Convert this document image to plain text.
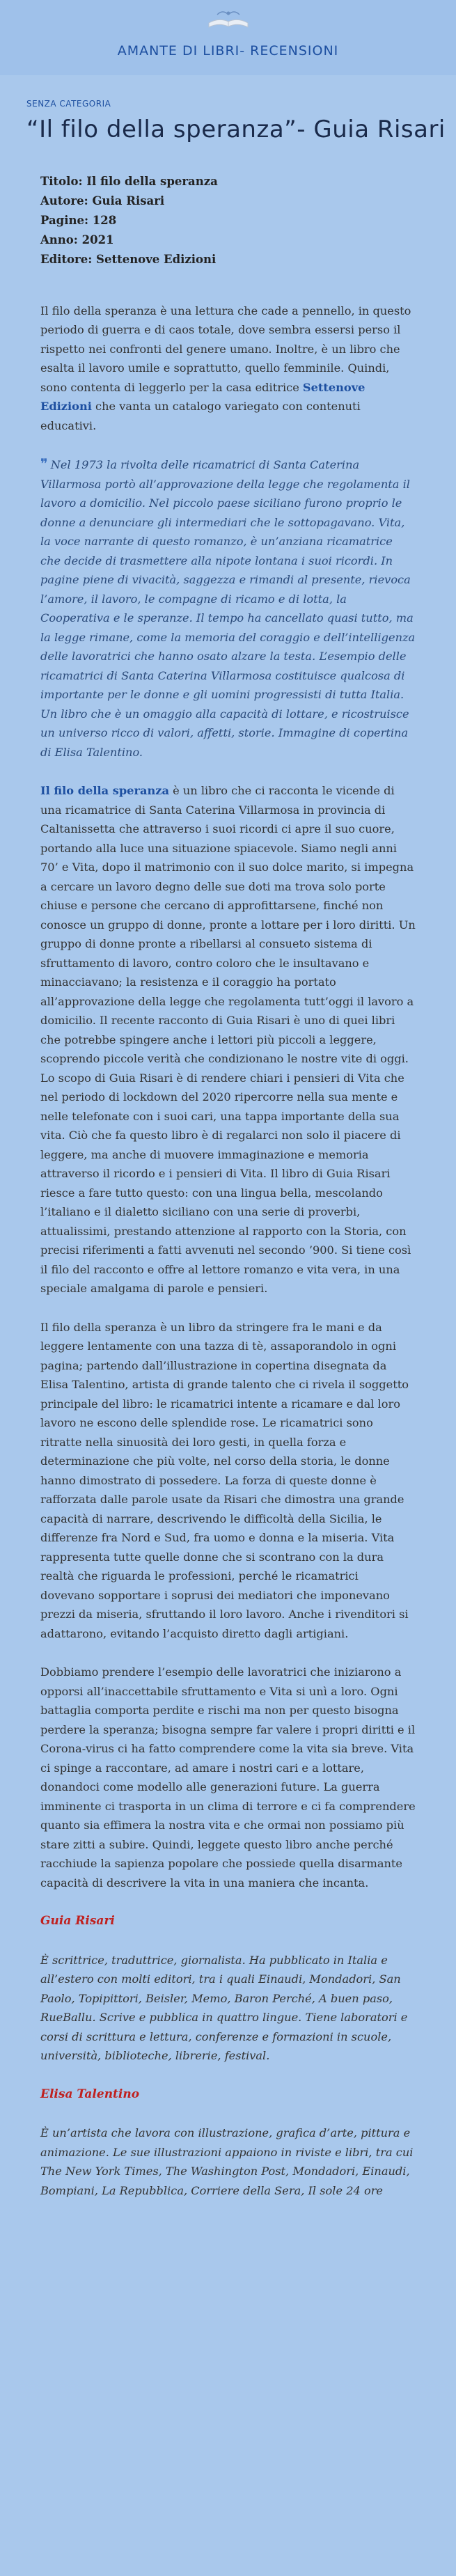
AMANTE DI LIBRI- RECENSIONI
SENZA CATEGORIA
“Il filo della speranza”- Guia Risari
Titolo: Il filo della speranza
Autore: Guia Risari
Pagine: 128
Anno: 2021
Editore: Settenove Edizioni

Il filo della speranza è una lettura che cade a pennello, in questo periodo di guerra e di caos totale, dove sembra essersi perso il rispetto nei confronti del genere umano. Inoltre, è un libro che esalta il lavoro umile e soprattutto, quello femminile. Quindi, sono contenta di leggerlo per la casa editrice Settenove Edizioni che vanta un catalogo variegato con contenuti educativi.

❞ Nel 1973 la rivolta delle ricamatrici di Santa Caterina Villarmosa portò all’approvazione della legge che regolamenta il lavoro a domicilio. Nel piccolo paese siciliano furono proprio le donne a denunciare gli intermediari che le sottopagavano. Vita, la voce narrante di questo romanzo, è un’anziana ricamatrice che decide di trasmettere alla nipote lontana i suoi ricordi. In pagine piene di vivacità, saggezza e rimandi al presente, rievoca l’amore, il lavoro, le compagne di ricamo e di lotta, la Cooperativa e le speranze. Il tempo ha cancellato quasi tutto, ma la legge rimane, come la memoria del coraggio e dell’intelligenza delle lavoratrici che hanno osato alzare la testa. L’esempio delle ricamatrici di Santa Caterina Villarmosa costituisce qualcosa di importante per le donne e gli uomini progressisti di tutta Italia. Un libro che è un omaggio alla capacità di lottare, e ricostruisce un universo ricco di valori, affetti, storie. Immagine di copertina di Elisa Talentino.

Il filo della speranza è un libro che ci racconta le vicende di una ricamatrice di Santa Caterina Villarmosa in provincia di Caltanissetta che attraverso i suoi ricordi ci apre il suo cuore, portando alla luce una situazione spiacevole. Siamo negli anni 70’ e Vita, dopo il matrimonio con il suo dolce marito, si impegna a cercare un lavoro degno delle sue doti ma trova solo porte chiuse e persone che cercano di approfittarsene, finché non conosce un gruppo di donne, pronte a lottare per i loro diritti. Un gruppo di donne pronte a ribellarsi al consueto sistema di sfruttamento di lavoro, contro coloro che le insultavano e minacciavano; la resistenza e il coraggio ha portato all’approvazione della legge che regolamenta tutt’oggi il lavoro a domicilio. Il recente racconto di Guia Risari è uno di quei libri che potrebbe spingere anche i lettori più piccoli a leggere, scoprendo piccole verità che condizionano le nostre vite di oggi. Lo scopo di Guia Risari è di rendere chiari i pensieri di Vita che nel periodo di lockdown del 2020 ripercorre nella sua mente e nelle telefonate con i suoi cari, una tappa importante della sua vita. Ciò che fa questo libro è di regalarci non solo il piacere di leggere, ma anche di muovere immaginazione e memoria attraverso il ricordo e i pensieri di Vita. Il libro di Guia Risari riesce a fare tutto questo: con una lingua bella, mescolando l’italiano e il dialetto siciliano con una serie di proverbi, attualissimi, prestando attenzione al rapporto con la Storia, con precisi riferimenti a fatti avvenuti nel secondo ’900. Si tiene così il filo del racconto e offre al lettore romanzo e vita vera, in una speciale amalgama di parole e pensieri.

Il filo della speranza è un libro da stringere fra le mani e da leggere lentamente con una tazza di tè, assaporandolo in ogni pagina; partendo dall’illustrazione in copertina disegnata da Elisa Talentino, artista di grande talento che ci rivela il soggetto principale del libro: le ricamatrici intente a ricamare e dal loro lavoro ne escono delle splendide rose. Le ricamatrici sono ritratte nella sinuosità dei loro gesti, in quella forza e determinazione che più volte, nel corso della storia, le donne hanno dimostrato di possedere. La forza di queste donne è rafforzata dalle parole usate da Risari che dimostra una grande capacità di narrare, descrivendo le difficoltà della Sicilia, le differenze fra Nord e Sud, fra uomo e donna e la miseria. Vita rappresenta tutte quelle donne che si scontrano con la dura realtà che riguarda le professioni, perché le ricamatrici dovevano sopportare i soprusi dei mediatori che imponevano prezzi da miseria, sfruttando il loro lavoro. Anche i rivenditori si adattarono, evitando l’acquisto diretto dagli artigiani.

Dobbiamo prendere l’esempio delle lavoratrici che iniziarono a opporsi all’inaccettabile sfruttamento e Vita si unì a loro. Ogni battaglia comporta perdite e rischi ma non per questo bisogna perdere la speranza; bisogna sempre far valere i propri diritti e il Corona-virus ci ha fatto comprendere come la vita sia breve. Vita ci spinge a raccontare, ad amare i nostri cari e a lottare, donandoci come modello alle generazioni future. La guerra imminente ci trasporta in un clima di terrore e ci fa comprendere quanto sia effimera la nostra vita e che ormai non possiamo più stare zitti a subire. Quindi, leggete questo libro anche perché racchiude la sapienza popolare che possiede quella disarmante capacità di descrivere la vita in una maniera che incanta.

Guia Risari

È scrittrice, traduttrice, giornalista. Ha pubblicato in Italia e all’estero con molti editori, tra i quali Einaudi, Mondadori, San Paolo, Topipittori, Beisler, Memo, Baron Perché, A buen paso, RueBallu. Scrive e pubblica in quattro lingue. Tiene laboratori e corsi di scrittura e lettura, conferenze e formazioni in scuole, università, biblioteche, librerie, festival.

Elisa Talentino

È un’artista che lavora con illustrazione, grafica d’arte, pittura e animazione. Le sue illustrazioni appaiono in riviste e libri, tra cui The New York Times, The Washington Post, Mondadori, Einaudi, Bompiani, La Repubblica, Corriere della Sera, Il sole 24 ore
